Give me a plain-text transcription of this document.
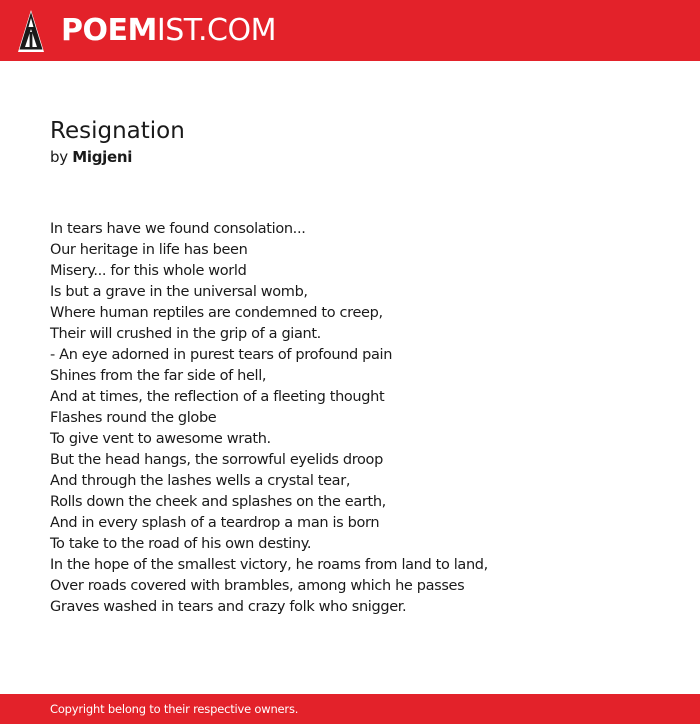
POEMIST.COM
Resignation
by Migjeni
In tears have we found consolation...
Our heritage in life has been
Misery... for this whole world
Is but a grave in the universal womb,
Where human reptiles are condemned to creep,
Their will crushed in the grip of a giant.
- An eye adorned in purest tears of profound pain
Shines from the far side of hell,
And at times, the reflection of a fleeting thought
Flashes round the globe
To give vent to awesome wrath.
But the head hangs, the sorrowful eyelids droop
And through the lashes wells a crystal tear,
Rolls down the cheek and splashes on the earth,
And in every splash of a teardrop a man is born
To take to the road of his own destiny.
In the hope of the smallest victory, he roams from land to land,
Over roads covered with brambles, among which he passes
Graves washed in tears and crazy folk who snigger.
Copyright belong to their respective owners.
